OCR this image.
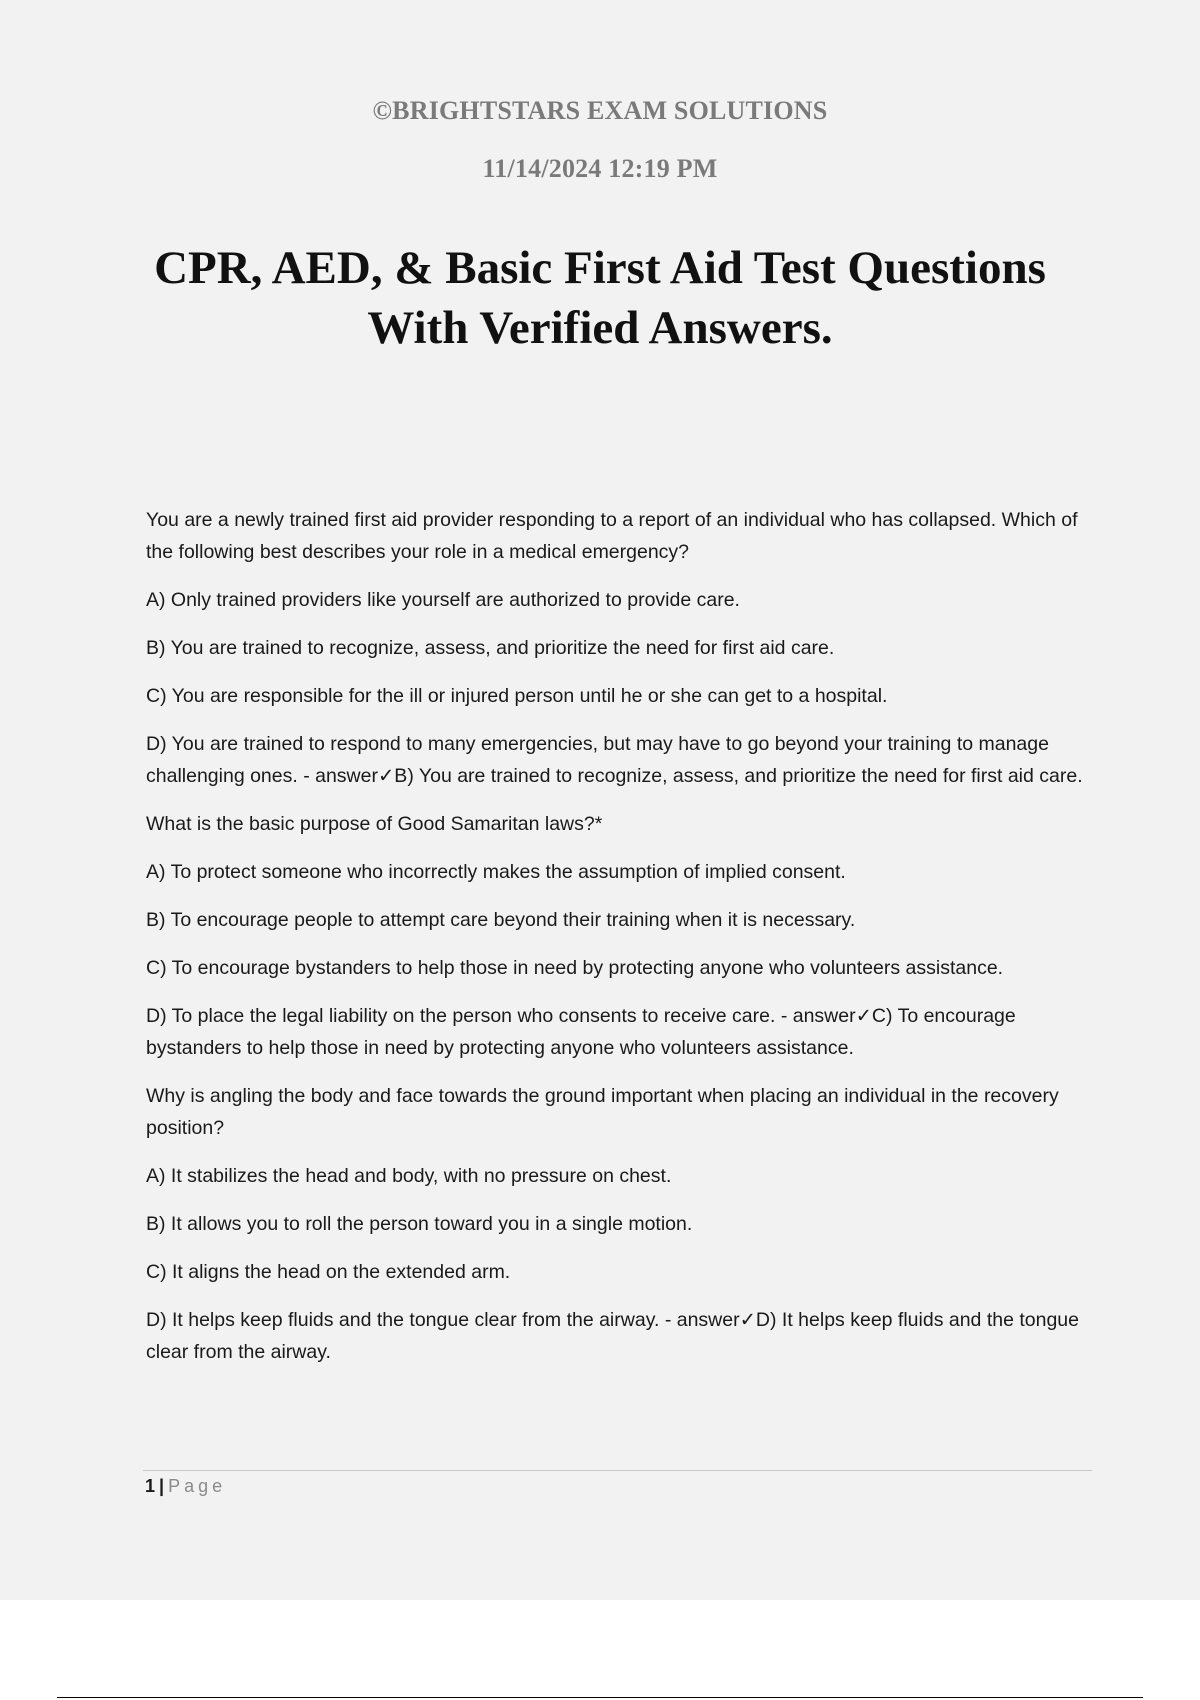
©BRIGHTSTARS EXAM SOLUTIONS
11/14/2024 12:19 PM
CPR, AED, & Basic First Aid Test Questions
With Verified Answers.

You are a newly trained first aid provider responding to a report of an individual who has collapsed. Which of the following best describes your role in a medical emergency?

A) Only trained providers like yourself are authorized to provide care.

B) You are trained to recognize, assess, and prioritize the need for first aid care.

C) You are responsible for the ill or injured person until he or she can get to a hospital.

D) You are trained to respond to many emergencies, but may have to go beyond your training to manage challenging ones. - answer✓B) You are trained to recognize, assess, and prioritize the need for first aid care.

What is the basic purpose of Good Samaritan laws?*

A) To protect someone who incorrectly makes the assumption of implied consent.

B) To encourage people to attempt care beyond their training when it is necessary.

C) To encourage bystanders to help those in need by protecting anyone who volunteers assistance.

D) To place the legal liability on the person who consents to receive care. - answer✓C) To encourage bystanders to help those in need by protecting anyone who volunteers assistance.

Why is angling the body and face towards the ground important when placing an individual in the recovery position?

A) It stabilizes the head and body, with no pressure on chest.

B) It allows you to roll the person toward you in a single motion.

C) It aligns the head on the extended arm.

D) It helps keep fluids and the tongue clear from the airway. - answer✓D) It helps keep fluids and the tongue clear from the airway.

1 | Page
